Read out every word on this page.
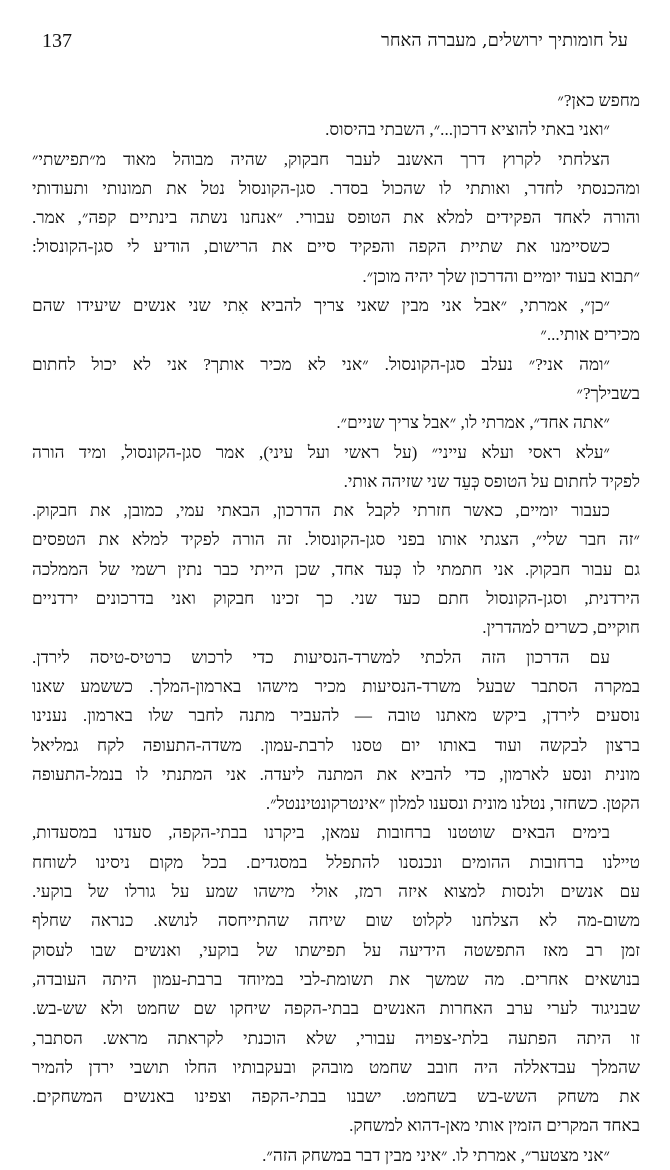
137	על חומותיך ירושלים, מעברה האחר
מחפש כאן?״
״ואני באתי להוציא דרכון...״, השבתי בהיסוס.
הצלחתי לקרוץ דרך האשנב לעבר חבקוק, שהיה מבוהל מאוד מ״תפישתי״
ומהכנסתי לחדר, ואותתי לו שהכול בסדר. סגן-הקונסול נטל את תמונותי ותעודותי
והורה לאחד הפקידים למלא את הטופס עבורי. ״אנחנו נשתה בינתיים קפה״, אמר.
כשסיימנו את שתיית הקפה והפקיד סיים את הרישום, הודיע לי סגן-הקונסול:
״תבוא בעוד יומיים והדרכון שלך יהיה מוכן״.
״כן״, אמרתי, ״אבל אני מבין שאני צריך להביא אִתי שני אנשים שיעידו שהם
מכירים אותי...״
״ומה אני?״ נעלב סגן-הקונסול. ״אני לא מכיר אותך? אני לא יכול לחתום
בשבילך?״
״אתה אחד״, אמרתי לו, ״אבל צריך שניים״.
״עלא ראסי ועלא עייני״ (על ראשי ועל עיני), אמר סגן-הקונסול, ומיד הורה
לפקיד לחתום על הטופס כְּעֵד שני שזיהה אותי.
כעבור יומיים, כאשר חזרתי לקבל את הדרכון, הבאתי עמי, כמובן, את חבקוק.
״זה חבר שלי״, הצגתי אותו בפני סגן-הקונסול. זה הורה לפקיד למלא את הטפסים
גם עבור חבקוק. אני חתמתי לו כְּעד אחד, שכן הייתי כבר נתין רשמי של הממלכה
הירדנית, וסגן-הקונסול חתם כעד שני. כך זכינו חבקוק ואני בדרכונים ירדניים
חוקיים, כשרים למהדרין.
עם הדרכון הזה הלכתי למשרד-הנסיעות כדי לרכוש כרטיס-טיסה לירדן.
במקרה הסתבר שבעל משרד-הנסיעות מכיר מישהו בארמון-המלך. כששמע שאנו
נוסעים לירדן, ביקש מאתנו טובה — להעביר מתנה לחבר שלו בארמון. נענינו
ברצון לבקשה ועוד באותו יום טסנו לרבת-עמון. משדה-התעופה לקח גמליאל
מונית ונסע לארמון, כדי להביא את המתנה ליעדה. אני המתנתי לו בנמל-התעופה
הקטן. כשחזר, נטלנו מונית ונסענו למלון ״אינטרקונטיננטל״.
בימים הבאים שוטטנו ברחובות עמאן, ביקרנו בבתי-הקפה, סעדנו במסעדות,
טיילנו ברחובות ההומים ונכנסנו להתפלל במסגדים. בכל מקום ניסינו לשוחח
עם אנשים ולנסות למצוא איזה רמז, אולי מישהו שמע על גורלו של בוקעי.
משום-מה לא הצלחנו לקלוט שום שיחה שהתייחסה לנושא. כנראה שחלף
זמן רב מאז התפשטה הידיעה על תפישתו של בוקעי, ואנשים שבו לעסוק
בנושאים אחרים. מה שמשך את תשומת-לבי במיוחד ברבת-עמון היתה העובדה,
שבניגוד לערי ערב האחרות האנשים בבתי-הקפה שיחקו שם שחמט ולא שש-בש.
זו היתה הפתעה בלתי-צפויה עבורי, שלא הוכנתי לקראתה מראש. הסתבר,
שהמלך עבדאללה היה חובב שחמט מובהק ובעקבותיו החלו תושבי ירדן להמיר
את משחק השש-בש בשחמט. ישבנו בבתי-הקפה וצפינו באנשים המשחקים.
באחד המקרים הזמין אותי מאן-דהוא למשחק.
״אני מצטער״, אמרתי לו. ״איני מבין דבר במשחק הזה״.
